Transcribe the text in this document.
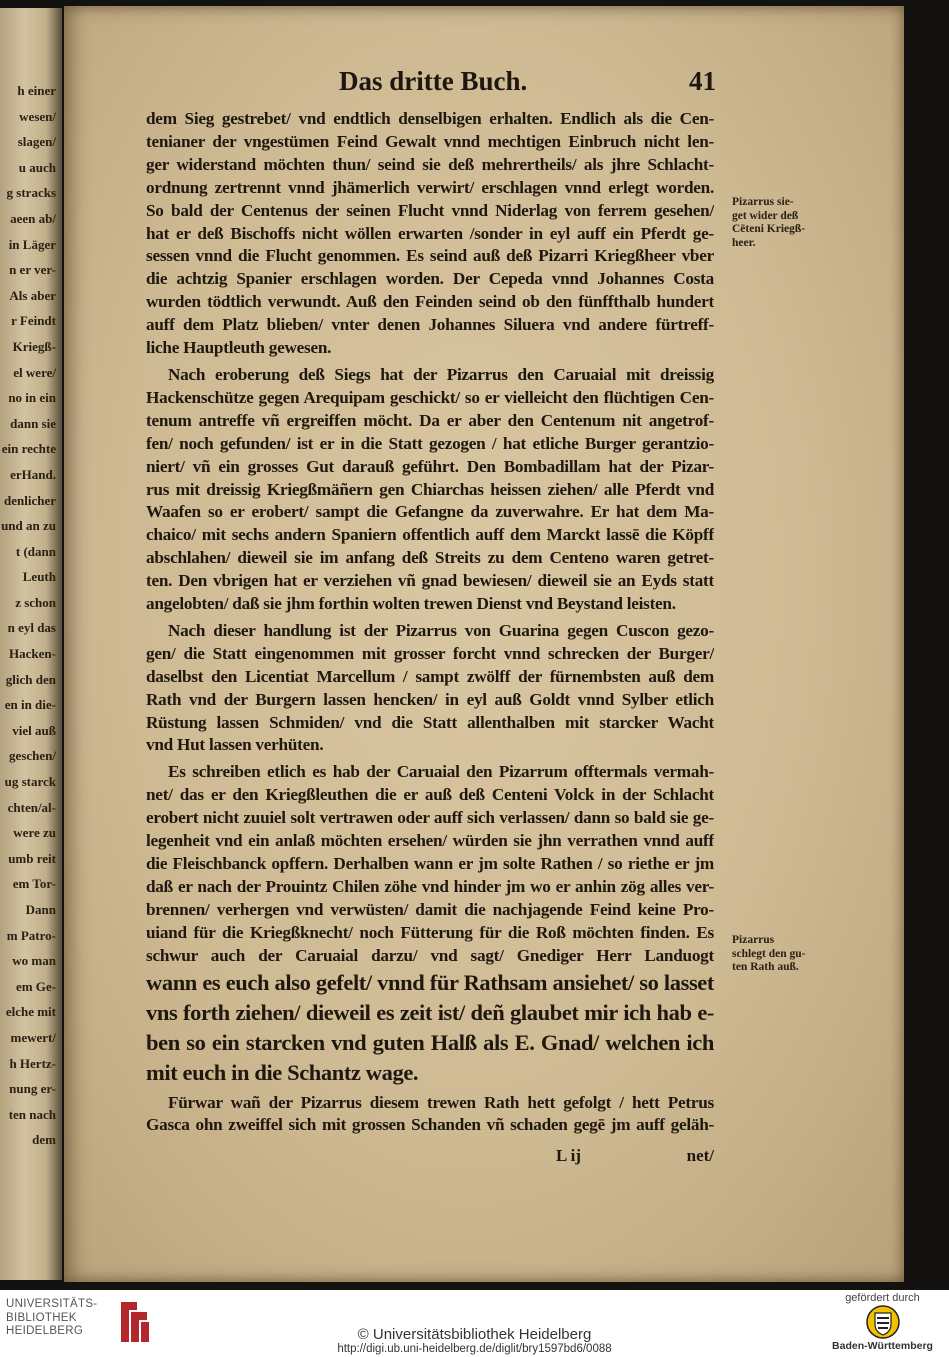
h einer
wesen/
slagen/
u auch
g stracks
aeen ab/
in Läger
n er ver-
Als aber
r Feindt
Kriegß-
el were/
no in ein
dann sie
ein rechte
erHand.
denlicher
und an zu
t (dann
Leuth
z schon
n eyl das
Hacken-
glich den
en in die-
viel auß
geschen/
ug starck
chten/al-
were zu
umb reit
em Tor-
Dann
m Patro-
wo man
em Ge-
elche mit
mewert/
h Hertz-
nung er-
ten nach
dem
Das dritte Buch.	41
dem Sieg gestrebet/ vnd endtlich denselbigen erhalten. Endlich als die Cen-
tenianer der vngestümen Feind Gewalt vnnd mechtigen Einbruch nicht len-
ger widerstand möchten thun/ seind sie deß mehrertheils/ als jhre Schlacht-
ordnung zertrennt vnnd jhämerlich verwirt/ erschlagen vnnd erlegt worden.
So bald der Centenus der seinen Flucht vnnd Niderlag von ferrem gesehen/
hat er deß Bischoffs nicht wöllen erwarten /sonder in eyl auff ein Pferdt ge-
sessen vnnd die Flucht genommen. Es seind auß deß Pizarri Kriegßheer vber
die achtzig Spanier erschlagen worden. Der Cepeda vnnd Johannes Costa
wurden tödtlich verwundt. Auß den Feinden seind ob den fünffthalb hundert
auff dem Platz blieben/ vnter denen Johannes Siluera vnd andere fürtreff-
liche Hauptleuth gewesen.
Nach eroberung deß Siegs hat der Pizarrus den Caruaial mit dreissig
Hackenschütze gegen Arequipam geschickt/ so er vielleicht den flüchtigen Cen-
tenum antreffe vñ ergreiffen möcht. Da er aber den Centenum nit angetrof-
fen/ noch gefunden/ ist er in die Statt gezogen / hat etliche Burger gerantzio-
niert/ vñ ein grosses Gut darauß geführt. Den Bombadillam hat der Pizar-
rus mit dreissig Kriegßmäñern gen Chiarchas heissen ziehen/ alle Pferdt vnd
Waafen so er erobert/ sampt die Gefangne da zuverwahre. Er hat dem Ma-
chaico/ mit sechs andern Spaniern offentlich auff dem Marckt lassē die Köpff
abschlahen/ dieweil sie im anfang deß Streits zu dem Centeno waren getret-
ten. Den vbrigen hat er verziehen vñ gnad bewiesen/ dieweil sie an Eyds statt
angelobten/ daß sie jhm forthin wolten trewen Dienst vnd Beystand leisten.
Nach dieser handlung ist der Pizarrus von Guarina gegen Cuscon gezo-
gen/ die Statt eingenommen mit grosser forcht vnnd schrecken der Burger/
daselbst den Licentiat Marcellum / sampt zwölff der fürnembsten auß dem
Rath vnd der Burgern lassen hencken/ in eyl auß Goldt vnnd Sylber etlich
Rüstung lassen Schmiden/ vnd die Statt allenthalben mit starcker Wacht
vnd Hut lassen verhüten.
Es schreiben etlich es hab der Caruaial den Pizarrum offtermals vermah-
net/ das er den Kriegßleuthen die er auß deß Centeni Volck in der Schlacht
erobert nicht zuuiel solt vertrawen oder auff sich verlassen/ dann so bald sie ge-
legenheit vnd ein anlaß möchten ersehen/ würden sie jhn verrathen vnnd auff
die Fleischbanck opffern. Derhalben wann er jm solte Rathen / so riethe er jm
daß er nach der Prouintz Chilen zöhe vnd hinder jm wo er anhin zög alles ver-
brennen/ verhergen vnd verwüsten/ damit die nachjagende Feind keine Pro-
uiand für die Kriegßknecht/ noch Fütterung für die Roß möchten finden. Es
schwur auch der Caruaial darzu/ vnd sagt/ Gnediger Herr Landuogt
wann es euch also gefelt/ vnnd für Rathsam ansiehet/ so lasset
vns forth ziehen/ dieweil es zeit ist/ deñ glaubet mir ich hab e-
ben so ein starcken vnd guten Halß als E. Gnad/ welchen ich
mit euch in die Schantz wage.
Fürwar wañ der Pizarrus diesem trewen Rath hett gefolgt / hett Petrus
Gasca ohn zweiffel sich mit grossen Schanden vñ schaden gegē jm auff geläh-
L ij	net/
Pizarrus sie-
get wider deß
Cēteni Kriegß-
heer.
Pizarrus
schlegt den gu-
ten Rath auß.
UNIVERSITÄTS-
BIBLIOTHEK
HEIDELBERG	© Universitätsbibliothek Heidelberg
http://digi.ub.uni-heidelberg.de/diglit/bry1597bd6/0088
gefördert durch
Baden-Württemberg
